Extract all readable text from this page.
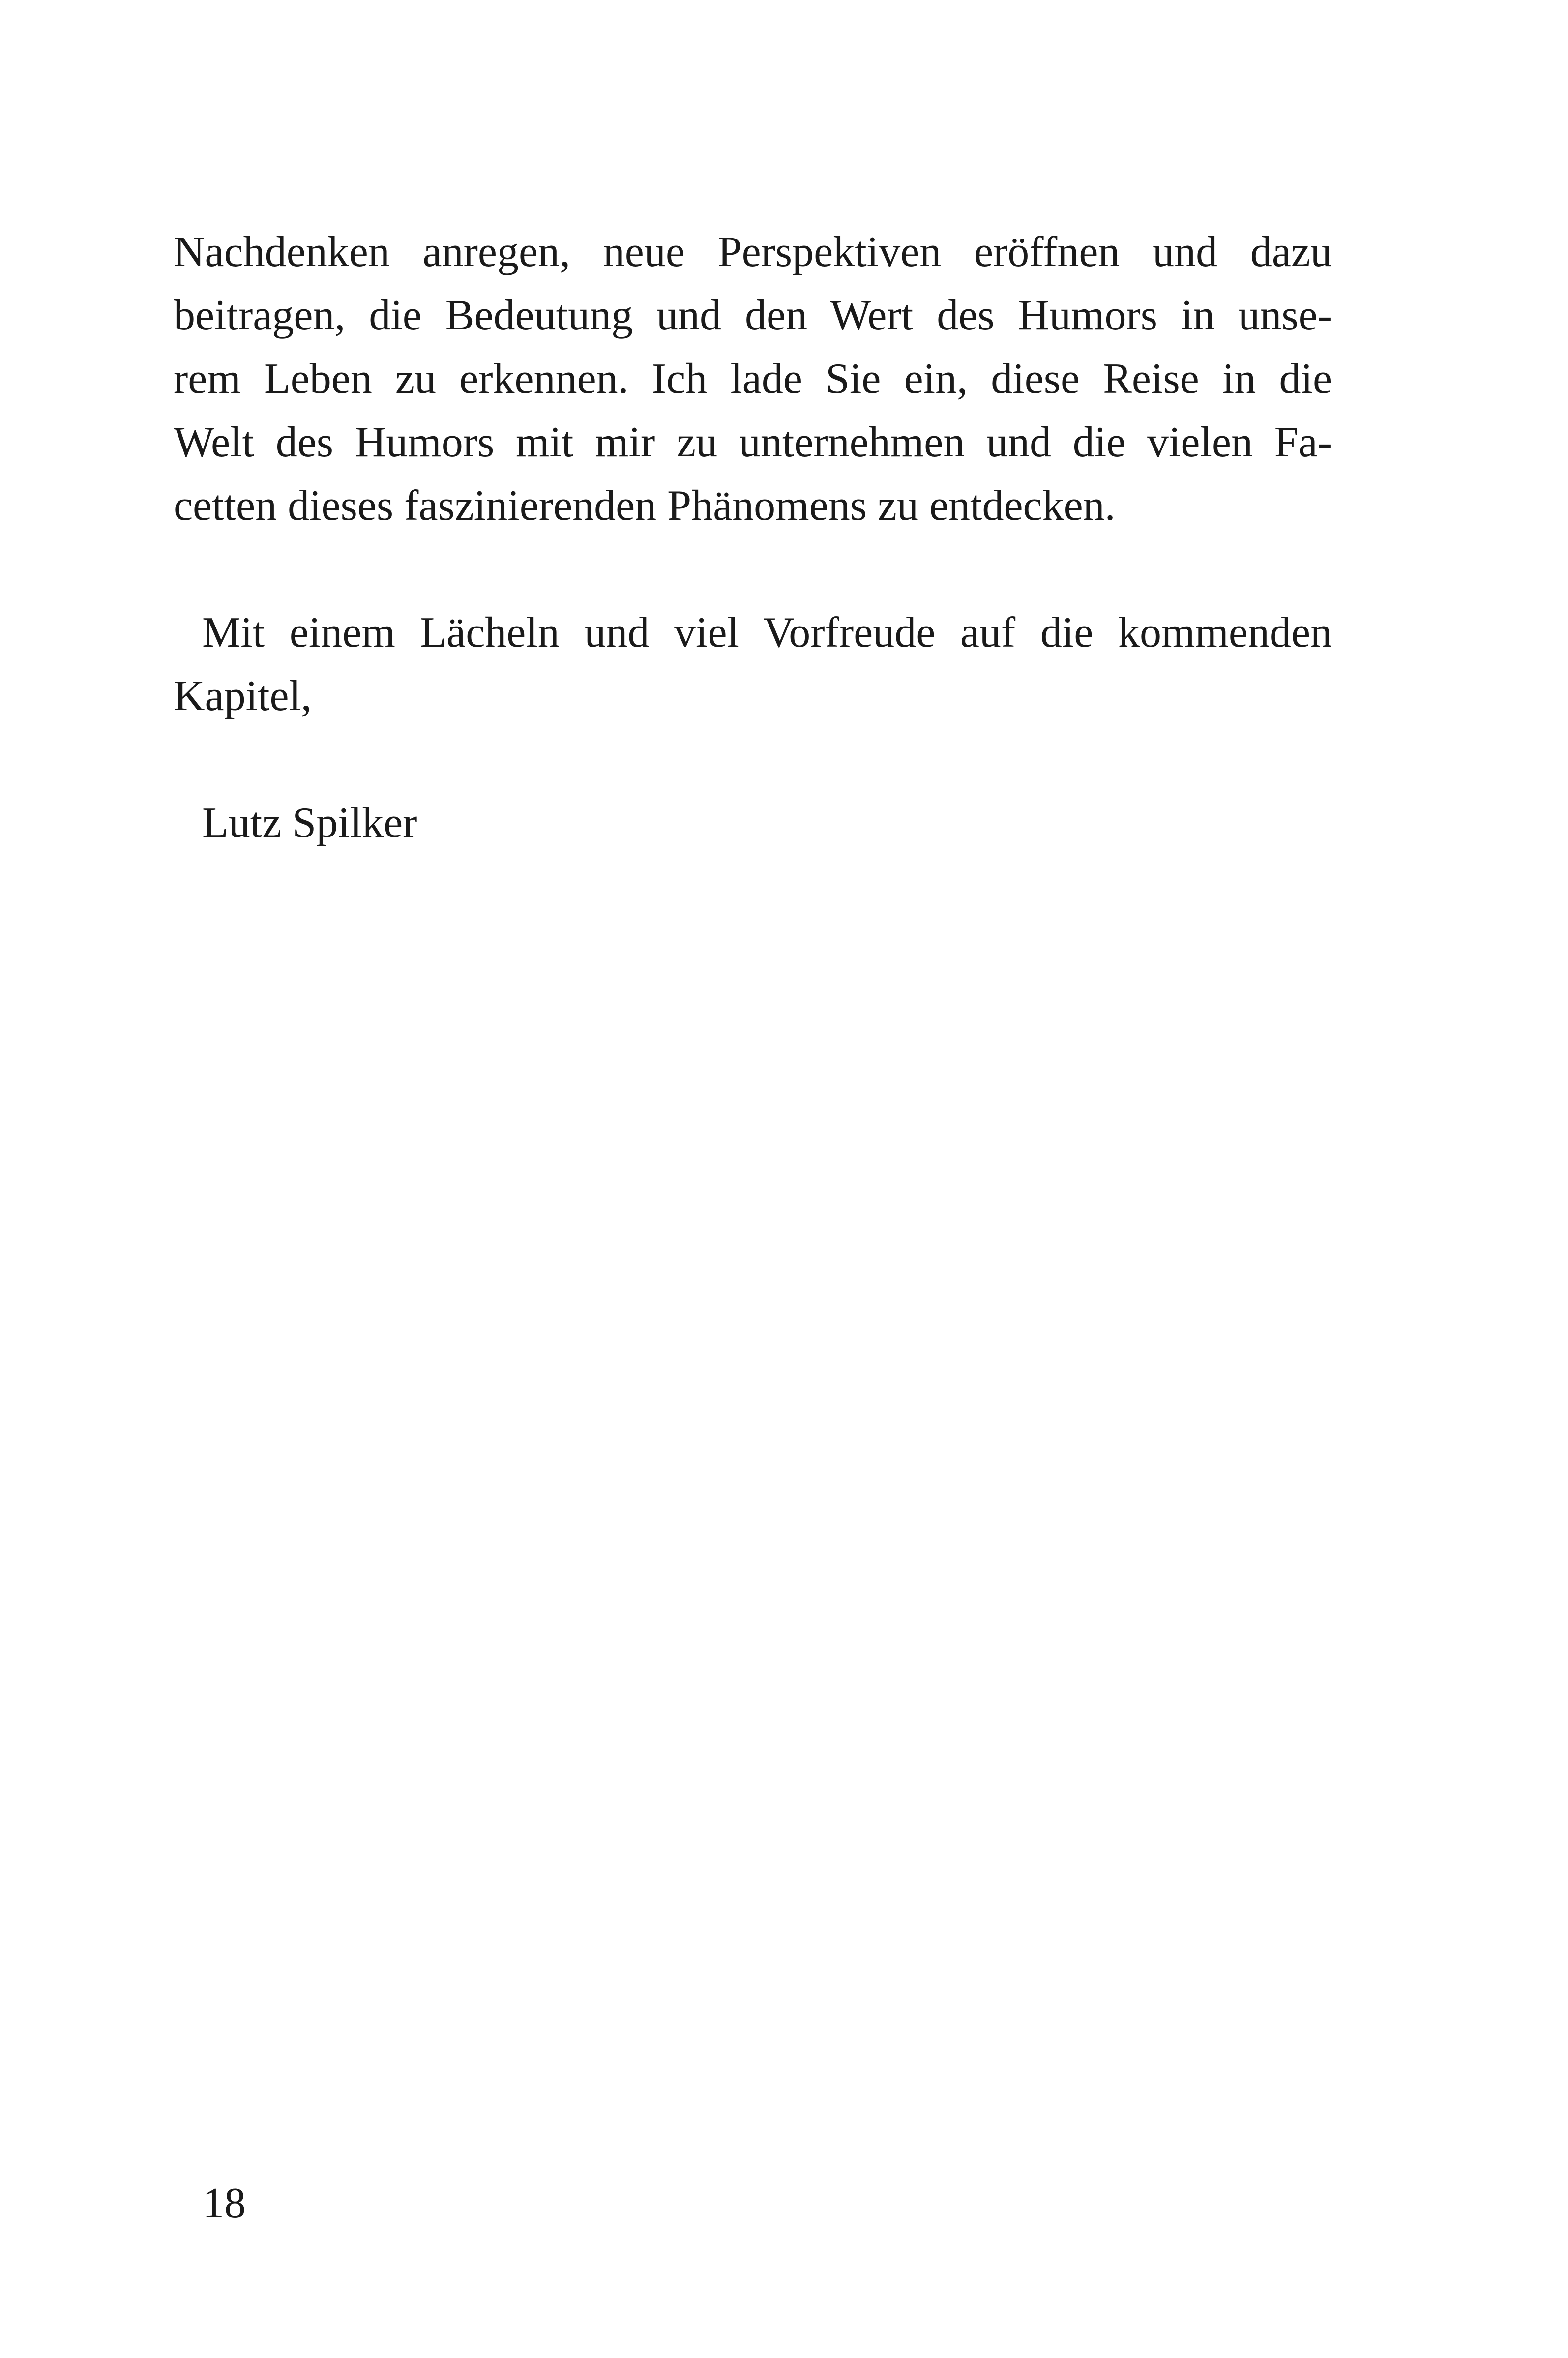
Nachdenken anregen, neue Perspektiven eröffnen und dazu
beitragen, die Bedeutung und den Wert des Humors in unse-
rem Leben zu erkennen. Ich lade Sie ein, diese Reise in die
Welt des Humors mit mir zu unternehmen und die vielen Fa-
cetten dieses faszinierenden Phänomens zu entdecken.
Mit einem Lächeln und viel Vorfreude auf die kommenden
Kapitel,
Lutz Spilker
18
